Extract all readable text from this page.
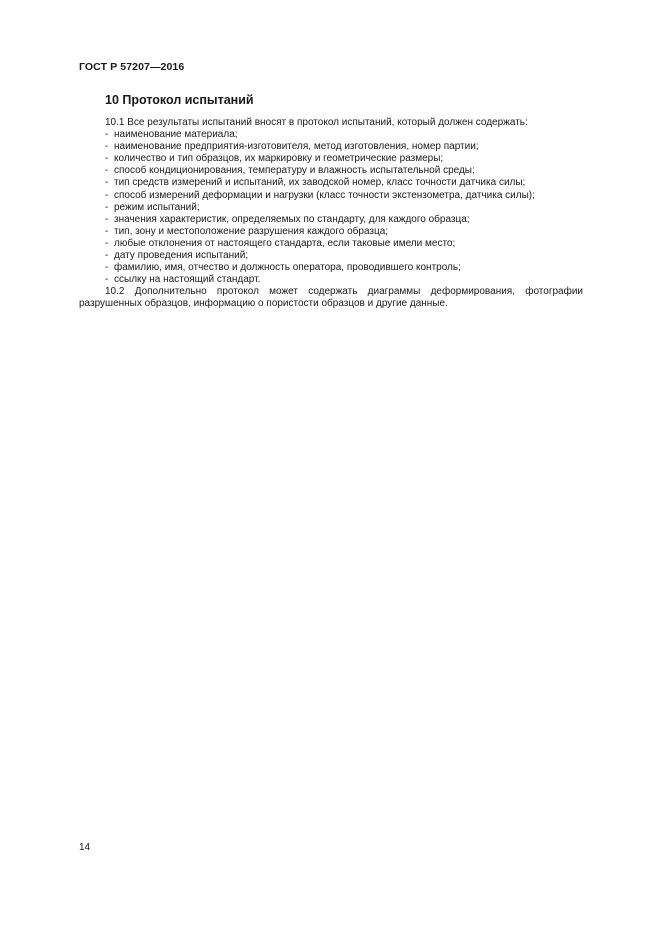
ГОСТ Р 57207—2016
10 Протокол испытаний

10.1 Все результаты испытаний вносят в протокол испытаний, который должен содержать:

- наименование материала;
- наименование предприятия-изготовителя, метод изготовления, номер партии;
- количество и тип образцов, их маркировку и геометрические размеры;
- способ кондиционирования, температуру и влажность испытательной среды;
- тип средств измерений и испытаний, их заводской номер, класс точности датчика силы;
- способ измерений деформации и нагрузки (класс точности экстензометра, датчика силы);
- режим испытаний;
- значения характеристик, определяемых по стандарту, для каждого образца;
- тип, зону и местоположение разрушения каждого образца;
- любые отклонения от настоящего стандарта, если таковые имели место;
- дату проведения испытаний;
- фамилию, имя, отчество и должность оператора, проводившего контроль;
- ссылку на настоящий стандарт.

10.2 Дополнительно протокол может содержать диаграммы деформирования, фотографии разрушенных образцов, информацию о пористости образцов и другие данные.

14
